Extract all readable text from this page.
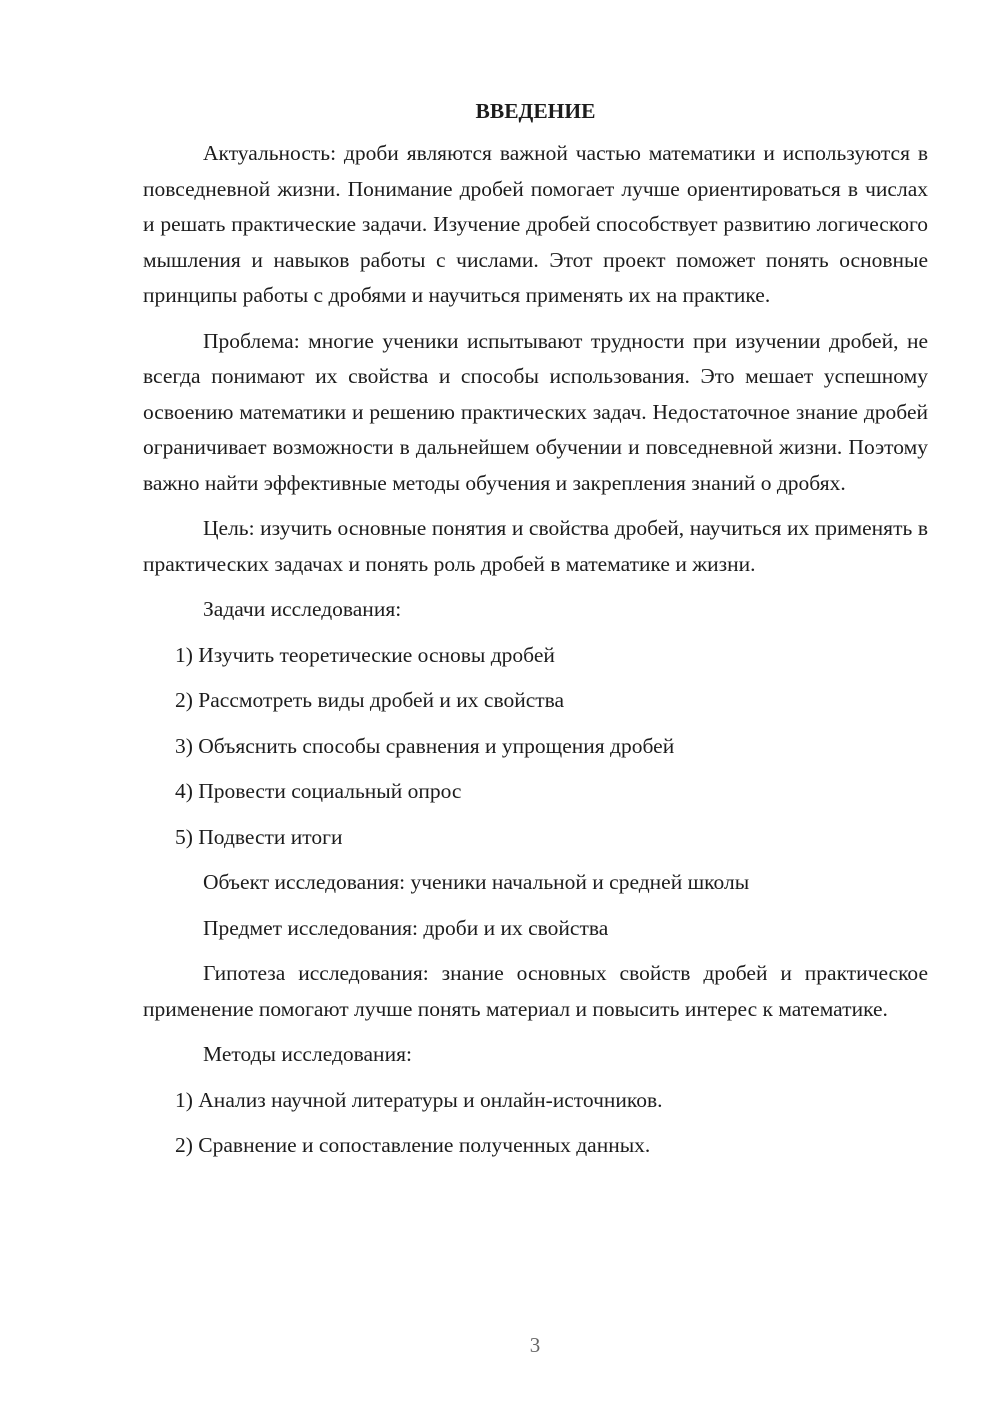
ВВЕДЕНИЕ
Актуальность: дроби являются важной частью математики и используются в повседневной жизни. Понимание дробей помогает лучше ориентироваться в числах и решать практические задачи. Изучение дробей способствует развитию логического мышления и навыков работы с числами. Этот проект поможет понять основные принципы работы с дробями и научиться применять их на практике.
Проблема: многие ученики испытывают трудности при изучении дробей, не всегда понимают их свойства и способы использования. Это мешает успешному освоению математики и решению практических задач. Недостаточное знание дробей ограничивает возможности в дальнейшем обучении и повседневной жизни. Поэтому важно найти эффективные методы обучения и закрепления знаний о дробях.
Цель: изучить основные понятия и свойства дробей, научиться их применять в практических задачах и понять роль дробей в математике и жизни.
Задачи исследования:
1) Изучить теоретические основы дробей
2) Рассмотреть виды дробей и их свойства
3) Объяснить способы сравнения и упрощения дробей
4) Провести социальный опрос
5) Подвести итоги
Объект исследования: ученики начальной и средней школы
Предмет исследования: дроби и их свойства
Гипотеза исследования: знание основных свойств дробей и практическое применение помогают лучше понять материал и повысить интерес к математике.
Методы исследования:
1) Анализ научной литературы и онлайн-источников.
2) Сравнение и сопоставление полученных данных.
3
